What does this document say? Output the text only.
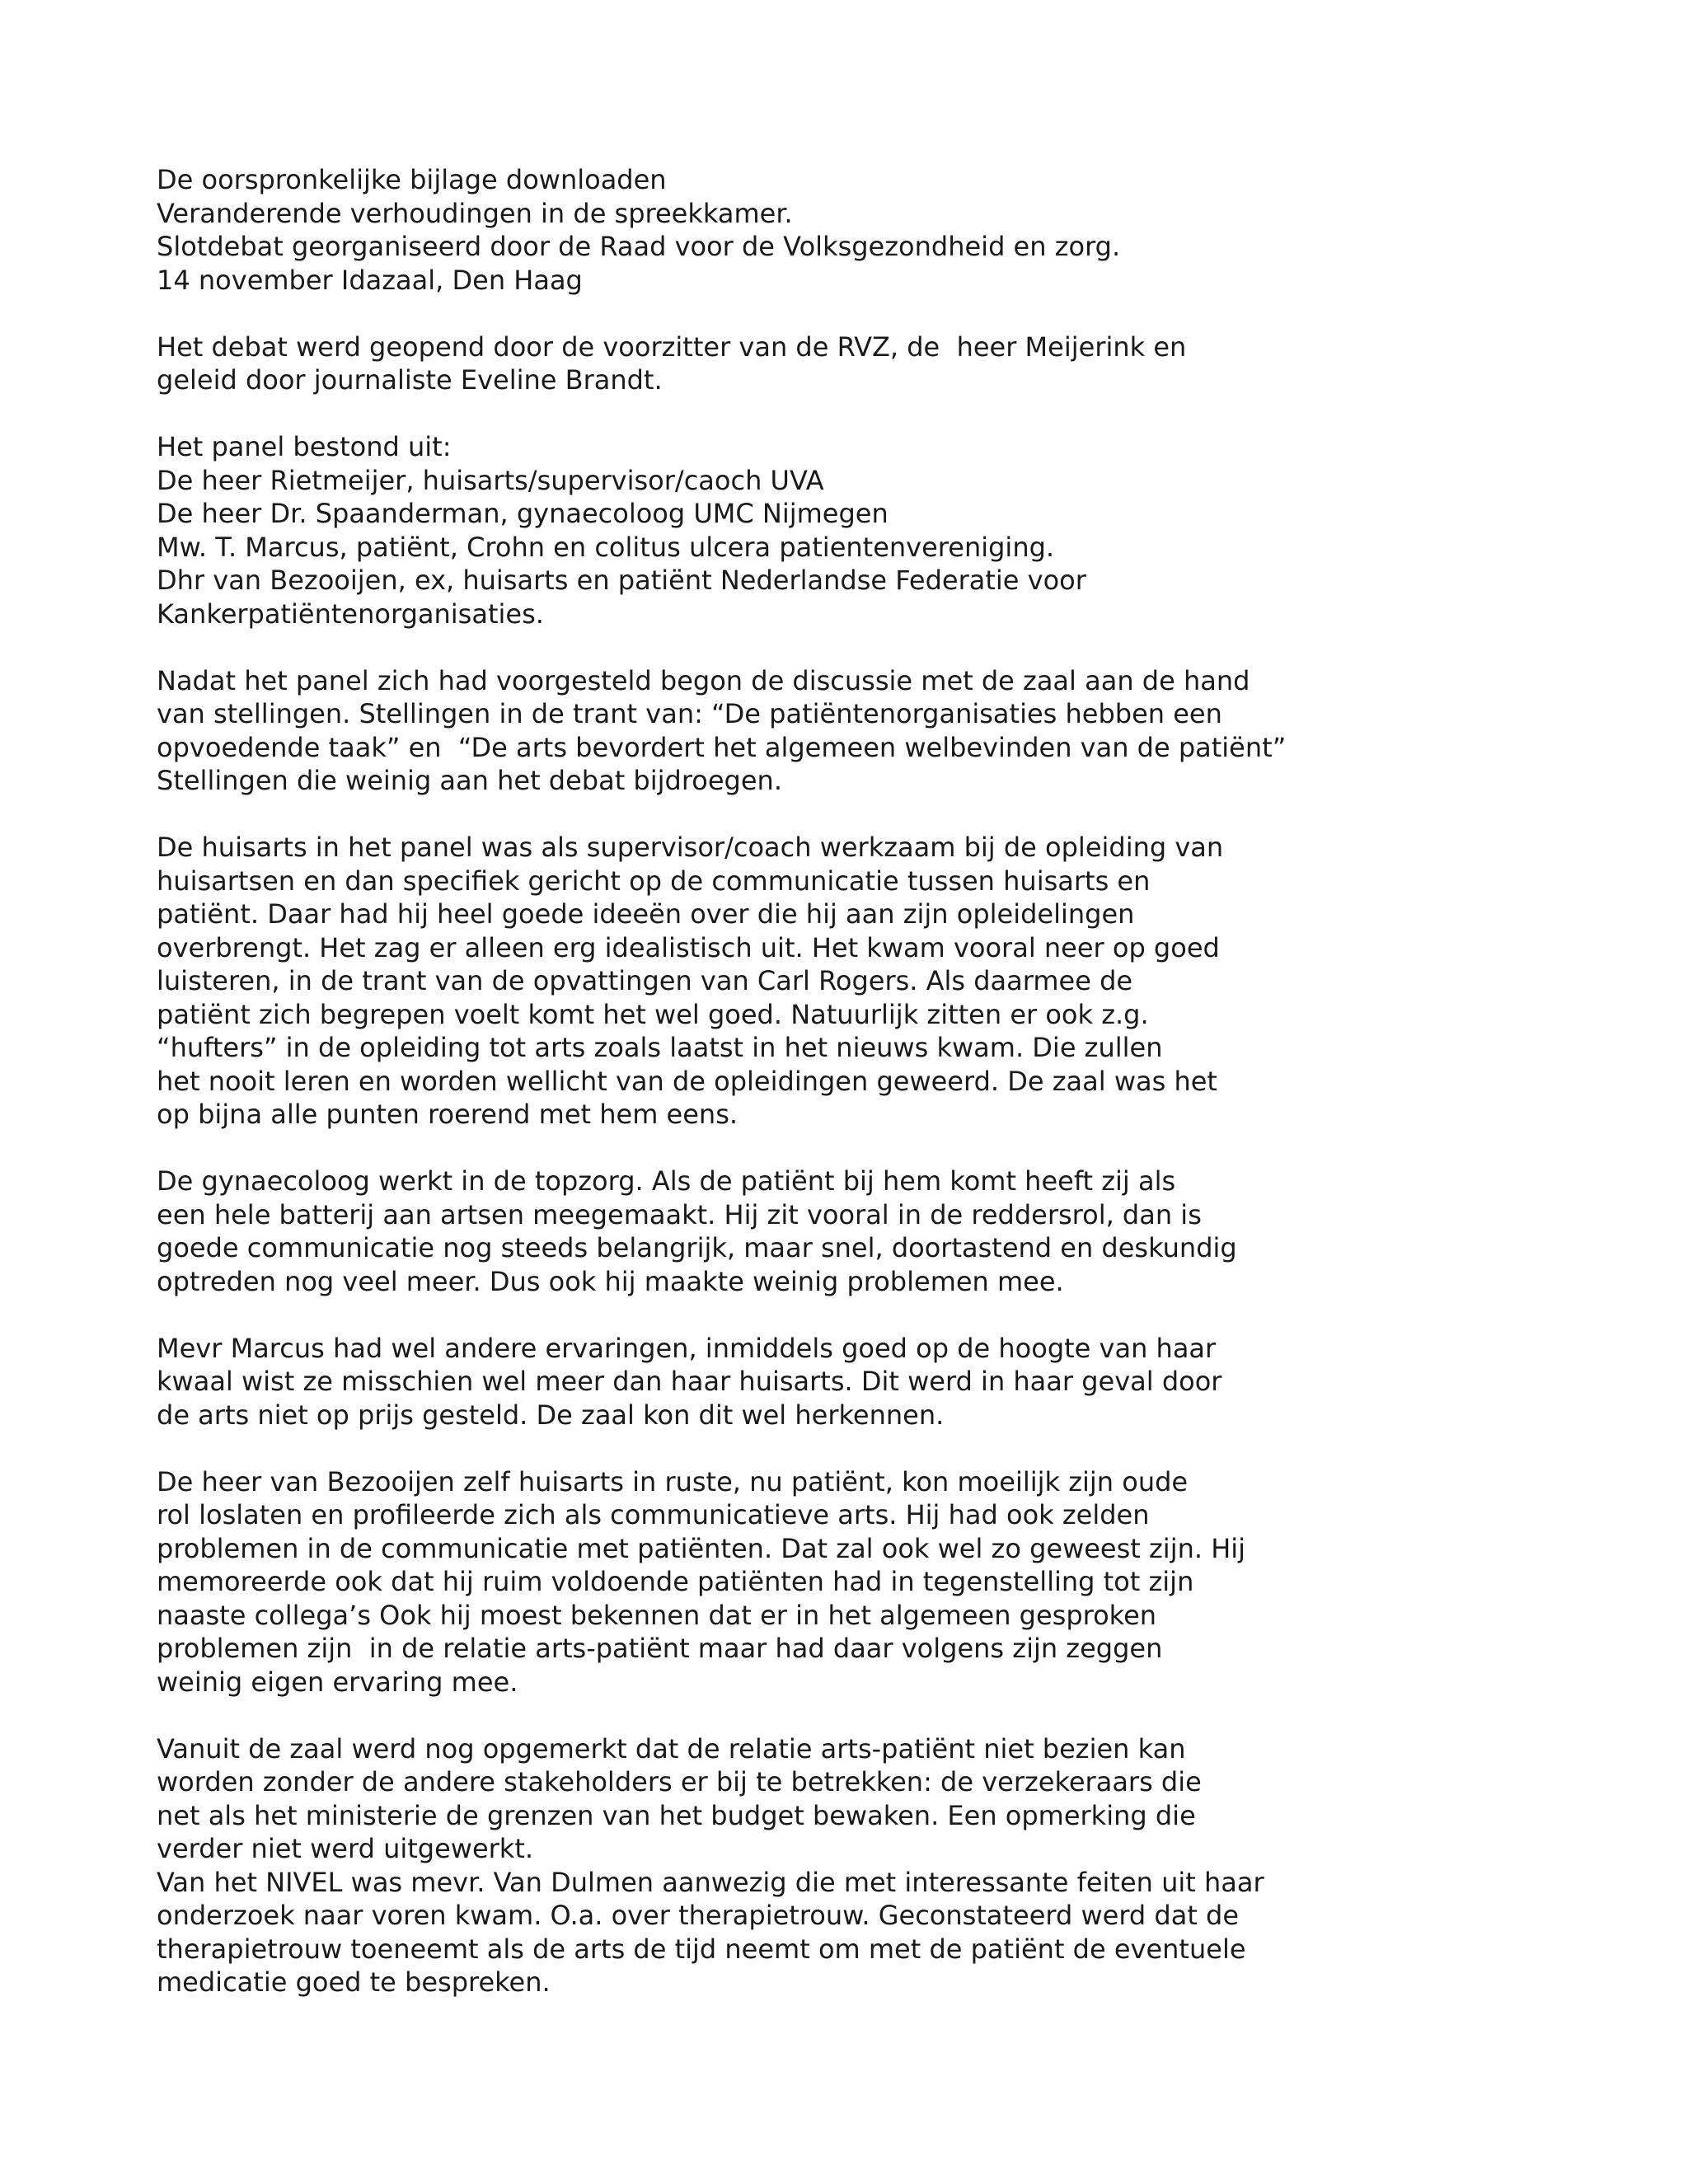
De oorspronkelijke bijlage downloaden
Veranderende verhoudingen in de spreekkamer.
Slotdebat georganiseerd door de Raad voor de Volksgezondheid en zorg.
14 november Idazaal, Den Haag
Het debat werd geopend door de voorzitter van de RVZ, de  heer Meijerink en
geleid door journaliste Eveline Brandt.
Het panel bestond uit:
De heer Rietmeijer, huisarts/supervisor/caoch UVA
De heer Dr. Spaanderman, gynaecoloog UMC Nijmegen
Mw. T. Marcus, patiënt, Crohn en colitus ulcera patientenvereniging.
Dhr van Bezooijen, ex, huisarts en patiënt Nederlandse Federatie voor
Kankerpatiëntenorganisaties.
Nadat het panel zich had voorgesteld begon de discussie met de zaal aan de hand
van stellingen. Stellingen in de trant van: “De patiëntenorganisaties hebben een
opvoedende taak” en  “De arts bevordert het algemeen welbevinden van de patiënt”
Stellingen die weinig aan het debat bijdroegen.
De huisarts in het panel was als supervisor/coach werkzaam bij de opleiding van
huisartsen en dan specifiek gericht op de communicatie tussen huisarts en
patiënt. Daar had hij heel goede ideeën over die hij aan zijn opleidelingen
overbrengt. Het zag er alleen erg idealistisch uit. Het kwam vooral neer op goed
luisteren, in de trant van de opvattingen van Carl Rogers. Als daarmee de
patiënt zich begrepen voelt komt het wel goed. Natuurlijk zitten er ook z.g.
“hufters” in de opleiding tot arts zoals laatst in het nieuws kwam. Die zullen
het nooit leren en worden wellicht van de opleidingen geweerd. De zaal was het
op bijna alle punten roerend met hem eens.
De gynaecoloog werkt in de topzorg. Als de patiënt bij hem komt heeft zij als
een hele batterij aan artsen meegemaakt. Hij zit vooral in de reddersrol, dan is
goede communicatie nog steeds belangrijk, maar snel, doortastend en deskundig
optreden nog veel meer. Dus ook hij maakte weinig problemen mee.
Mevr Marcus had wel andere ervaringen, inmiddels goed op de hoogte van haar
kwaal wist ze misschien wel meer dan haar huisarts. Dit werd in haar geval door
de arts niet op prijs gesteld. De zaal kon dit wel herkennen.
De heer van Bezooijen zelf huisarts in ruste, nu patiënt, kon moeilijk zijn oude
rol loslaten en profileerde zich als communicatieve arts. Hij had ook zelden
problemen in de communicatie met patiënten. Dat zal ook wel zo geweest zijn. Hij
memoreerde ook dat hij ruim voldoende patiënten had in tegenstelling tot zijn
naaste collega’s Ook hij moest bekennen dat er in het algemeen gesproken
problemen zijn  in de relatie arts-patiënt maar had daar volgens zijn zeggen
weinig eigen ervaring mee.
Vanuit de zaal werd nog opgemerkt dat de relatie arts-patiënt niet bezien kan
worden zonder de andere stakeholders er bij te betrekken: de verzekeraars die
net als het ministerie de grenzen van het budget bewaken. Een opmerking die
verder niet werd uitgewerkt.
Van het NIVEL was mevr. Van Dulmen aanwezig die met interessante feiten uit haar
onderzoek naar voren kwam. O.a. over therapietrouw. Geconstateerd werd dat de
therapietrouw toeneemt als de arts de tijd neemt om met de patiënt de eventuele
medicatie goed te bespreken.
